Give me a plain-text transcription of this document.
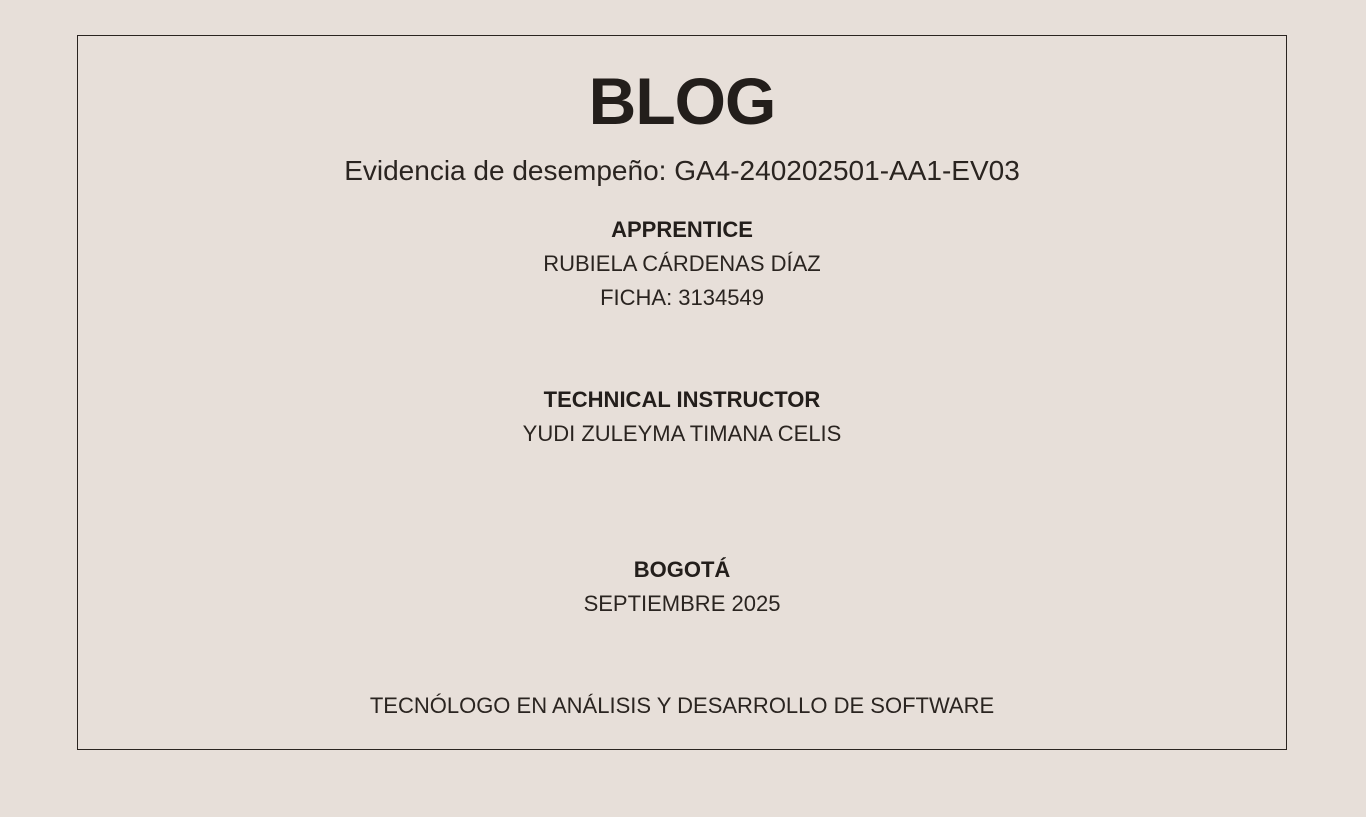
BLOG
Evidencia de desempeño: GA4-240202501-AA1-EV03
APPRENTICE
RUBIELA CÁRDENAS DÍAZ
FICHA: 3134549
TECHNICAL INSTRUCTOR
YUDI ZULEYMA TIMANA CELIS
BOGOTÁ
SEPTIEMBRE 2025
TECNÓLOGO EN ANÁLISIS Y DESARROLLO DE SOFTWARE
